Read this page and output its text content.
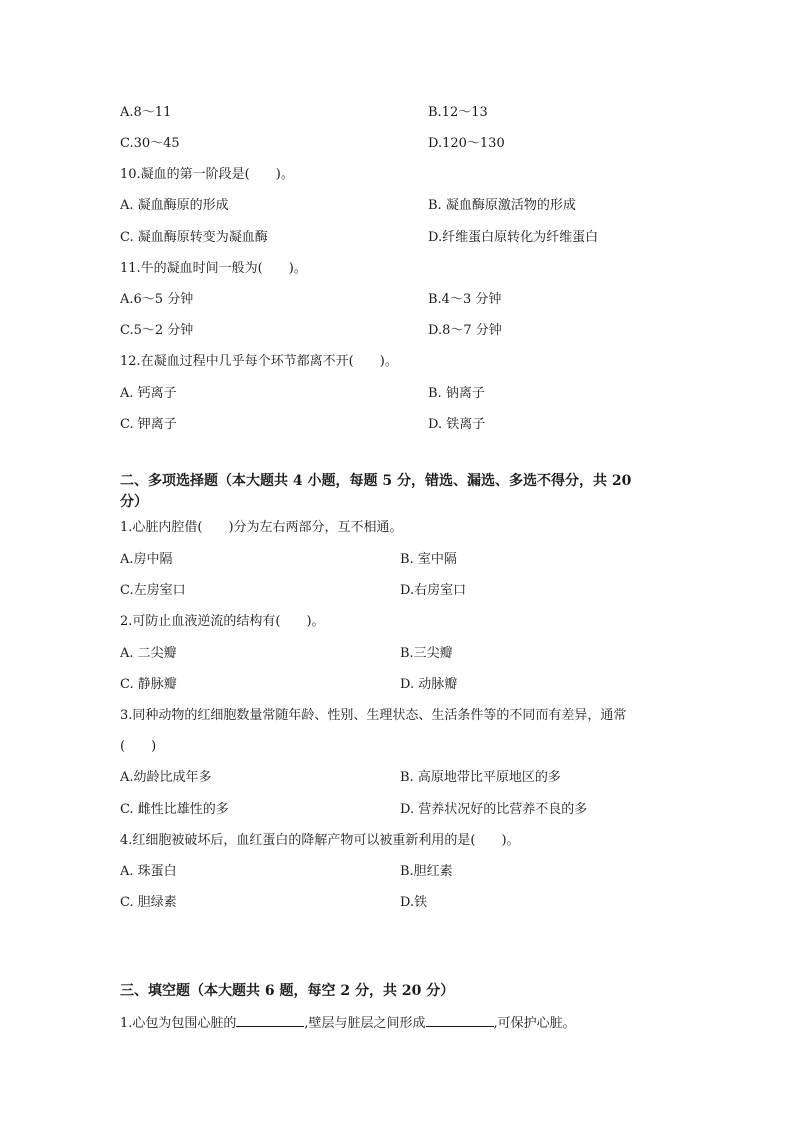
A.8～11	B.12～13
C.30～45	D.120～130
10.凝血的第一阶段是(　　)。
A. 凝血酶原的形成	B. 凝血酶原激活物的形成
C. 凝血酶原转变为凝血酶	D.纤维蛋白原转化为纤维蛋白
11.牛的凝血时间一般为(　　)。
A.6～5 分钟	B.4～3 分钟
C.5～2 分钟	D.8～7 分钟
12.在凝血过程中几乎每个环节都离不开(　　)。
A. 钙离子	B. 钠离子
C. 钾离子	D. 铁离子
二、多项选择题（本大题共 4 小题，每题 5 分，错选、漏选、多选不得分，共 20
分）
1.心脏内腔借(　　)分为左右两部分，互不相通。
A.房中隔	B. 室中隔
C.左房室口	D.右房室口
2.可防止血液逆流的结构有(　　)。
A. 二尖瓣	B.三尖瓣
C. 静脉瓣	D. 动脉瓣
3.同种动物的红细胞数量常随年龄、性别、生理状态、生活条件等的不同而有差异，通常
(　　)
A.幼龄比成年多	B. 高原地带比平原地区的多
C. 雌性比雄性的多	D. 营养状况好的比营养不良的多
4.红细胞被破坏后，血红蛋白的降解产物可以被重新利用的是(　　)。
A. 珠蛋白	B.胆红素
C. 胆绿素	D.铁
三、填空题（本大题共 6 题，每空 2 分，共 20 分）
1.心包为包围心脏的	,壁层与脏层之间形成	,可保护心脏。
